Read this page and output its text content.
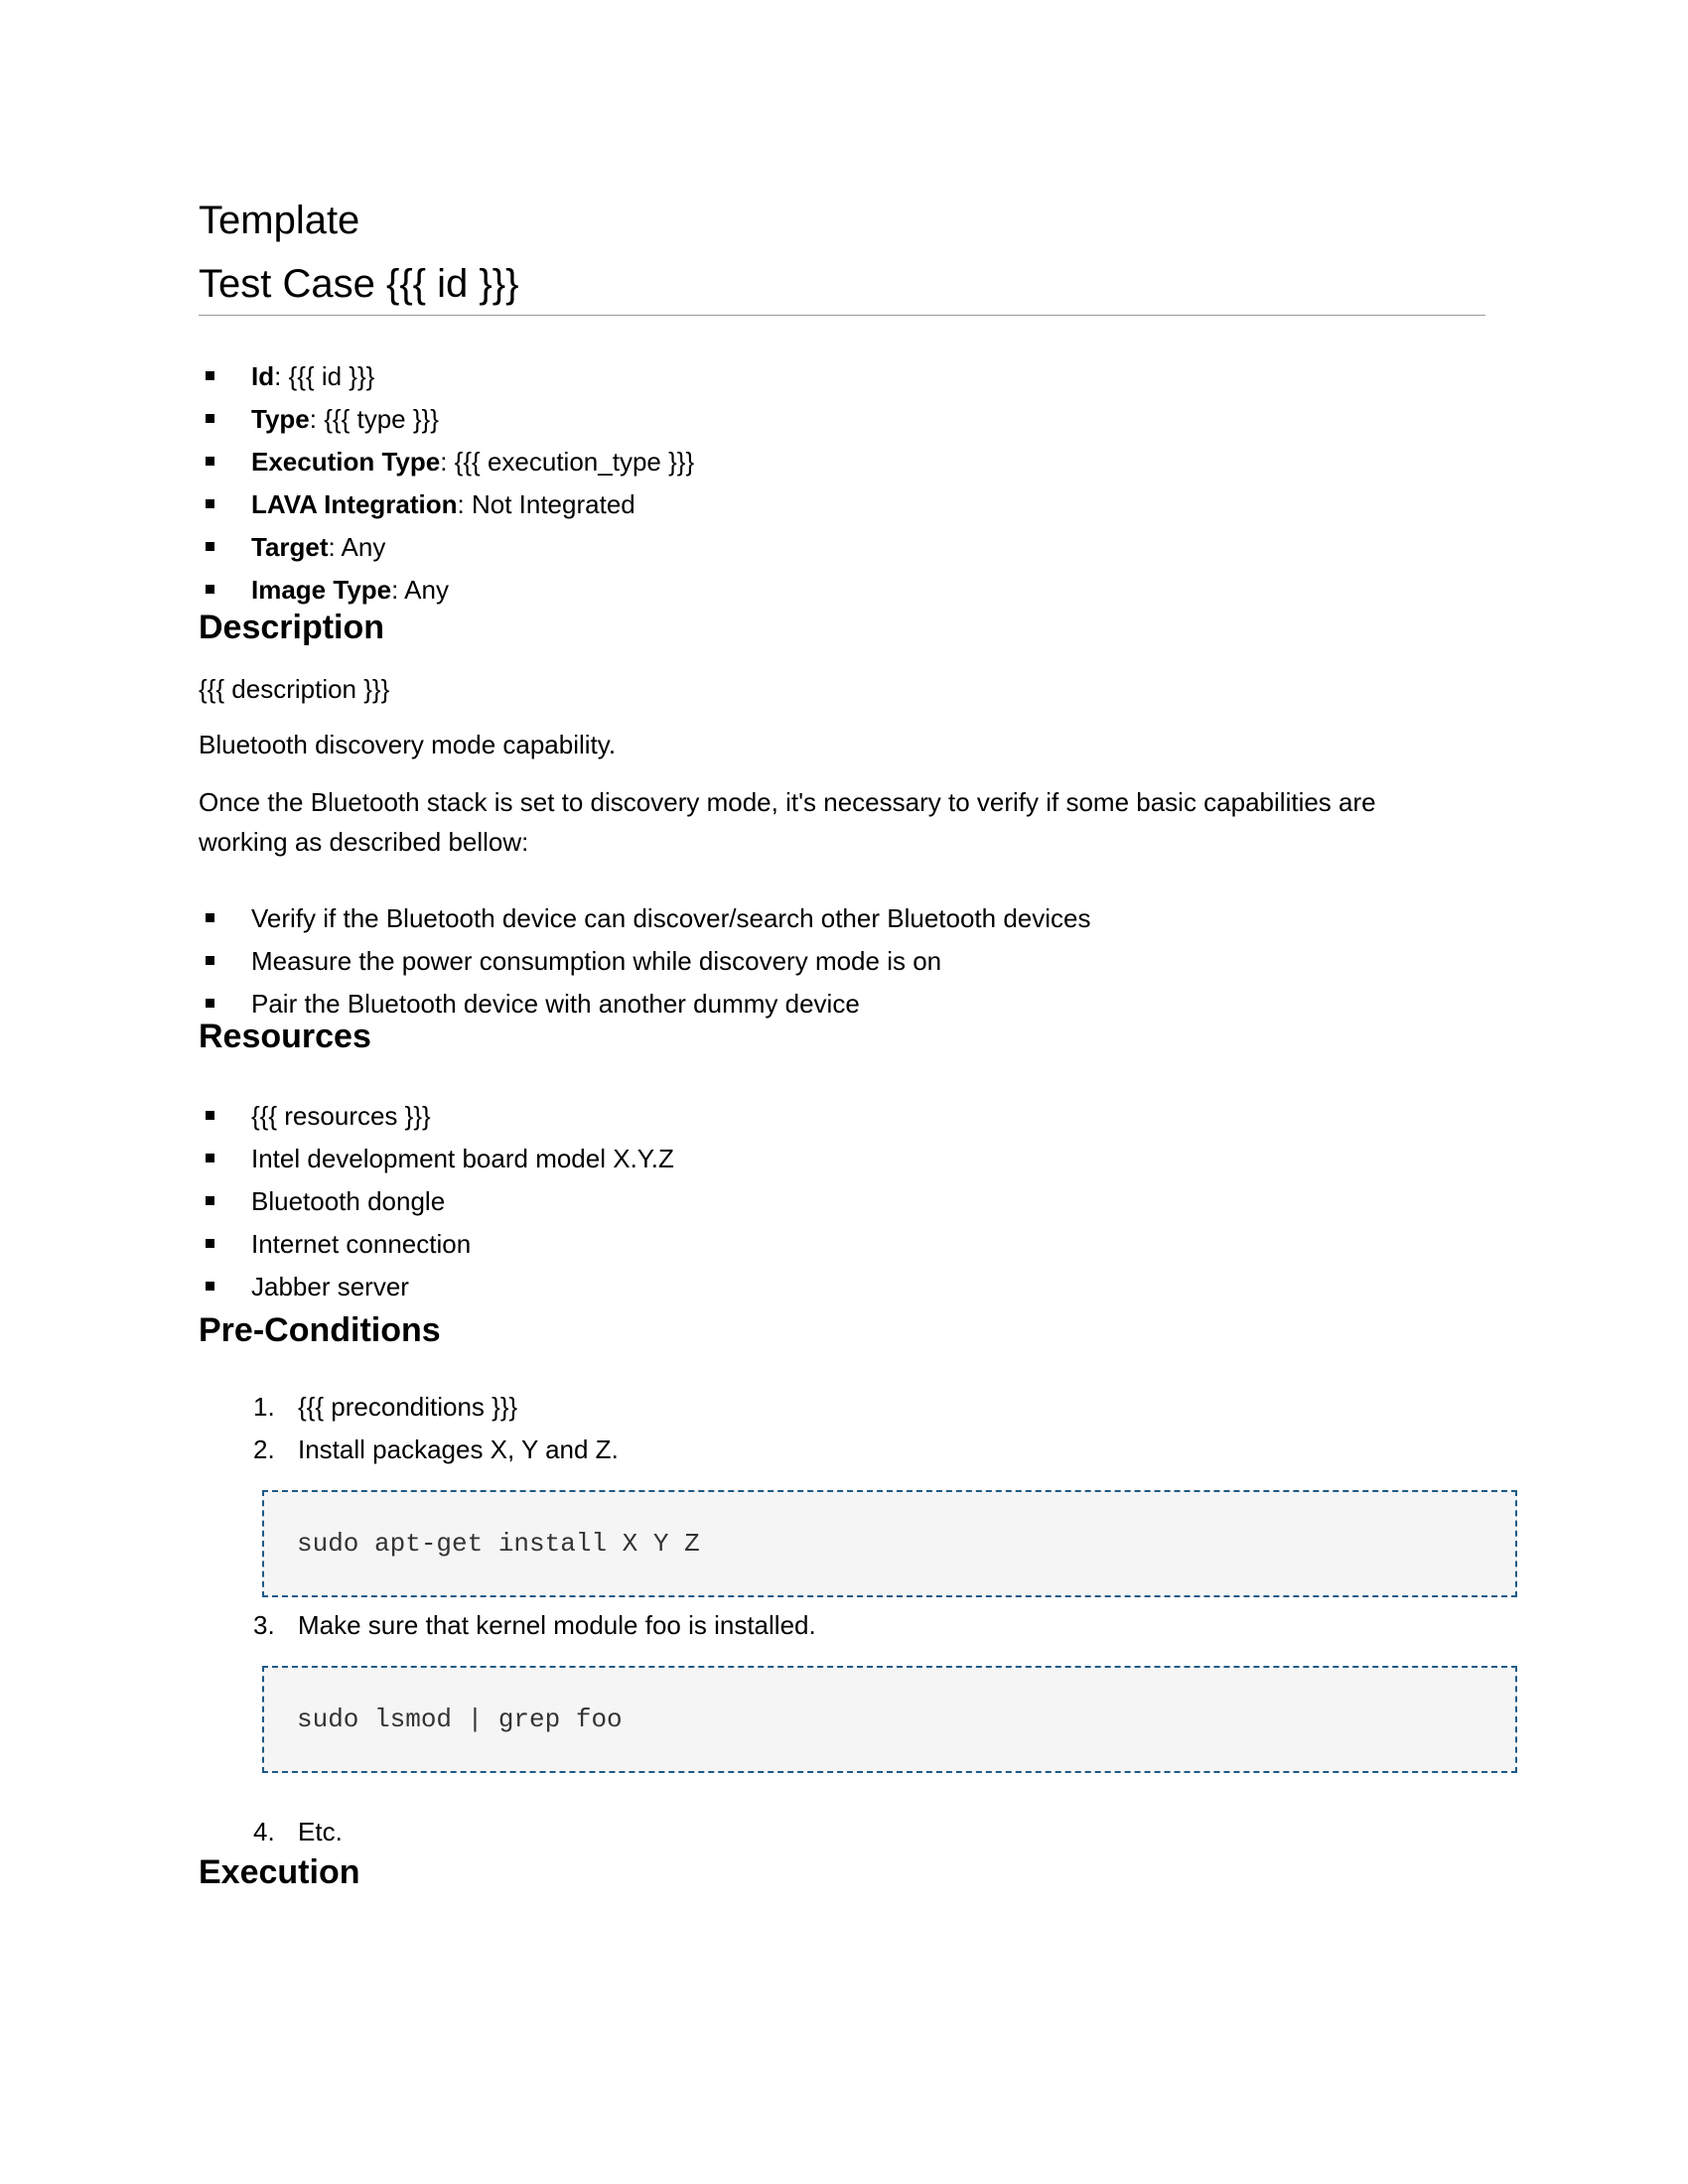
Template
Test Case {{{ id }}}
Id: {{{ id }}}
Type: {{{ type }}}
Execution Type: {{{ execution_type }}}
LAVA Integration: Not Integrated
Target: Any
Image Type: Any
Description

{{{ description }}}

Bluetooth discovery mode capability.

Once the Bluetooth stack is set to discovery mode, it's necessary to verify if some basic capabilities are working as described bellow:

Verify if the Bluetooth device can discover/search other Bluetooth devices
Measure the power consumption while discovery mode is on
Pair the Bluetooth device with another dummy device
Resources
{{{ resources }}}
Intel development board model X.Y.Z
Bluetooth dongle
Internet connection
Jabber server
Pre-Conditions
1. {{{ preconditions }}}
2. Install packages X, Y and Z.
sudo apt-get install X Y Z
3. Make sure that kernel module foo is installed.
sudo lsmod | grep foo
4. Etc.
Execution
